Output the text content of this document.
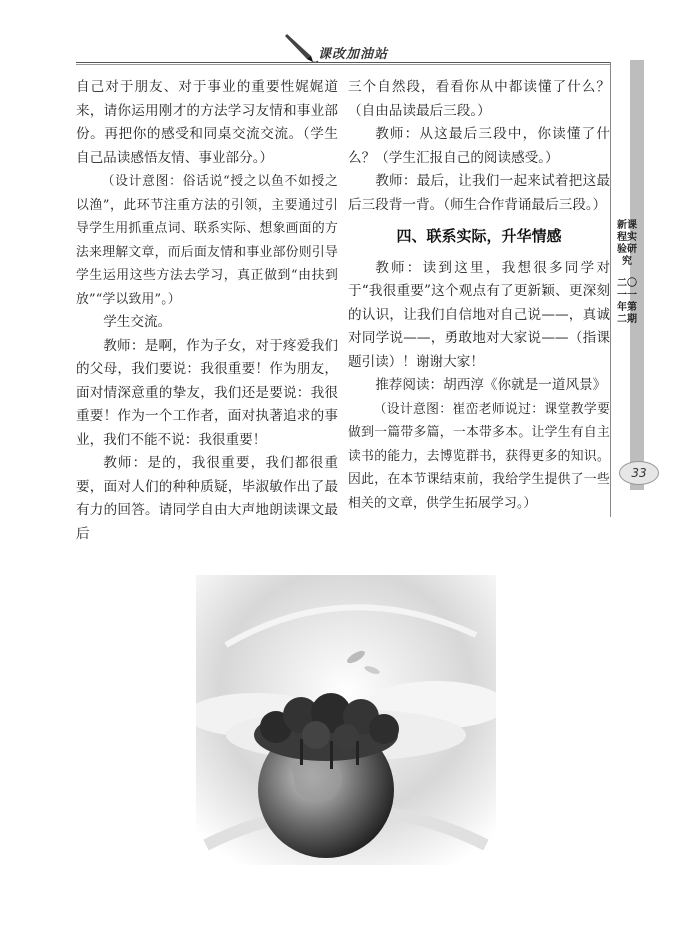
课改加油站

自己对于朋友、对于事业的重要性娓娓道来，请你运用刚才的方法学习友情和事业部份。再把你的感受和同桌交流交流。（学生自己品读感悟友情、事业部分。）

（设计意图：俗话说“授之以鱼不如授之以渔”，此环节注重方法的引领，主要通过引导学生用抓重点词、联系实际、想象画面的方法来理解文章，而后面友情和事业部份则引导学生运用这些方法去学习，真正做到“由扶到放”“学以致用”。）

学生交流。

教师：是啊，作为子女，对于疼爱我们的父母，我们要说：我很重要！作为朋友，面对情深意重的挚友，我们还是要说：我很重要！作为一个工作者，面对执著追求的事业，我们不能不说：我很重要！

教师：是的，我很重要，我们都很重要，面对人们的种种质疑，毕淑敏作出了最有力的回答。请同学自由大声地朗读课文最后

三个自然段，看看你从中都读懂了什么？（自由品读最后三段。）

教师：从这最后三段中，你读懂了什么？（学生汇报自己的阅读感受。）

教师：最后，让我们一起来试着把这最后三段背一背。（师生合作背诵最后三段。）

四、联系实际，升华情感

教师：读到这里，我想很多同学对于“我很重要”这个观点有了更新颖、更深刻的认识，让我们自信地对自己说——，真诚对同学说——，勇敢地对大家说——（指课题引读）！谢谢大家！

推荐阅读：胡西淳《你就是一道风景》

（设计意图：崔峦老师说过：课堂教学要做到一篇带多篇，一本带多本。让学生有自主读书的能力，去博览群书，获得更多的知识。因此，在本节课结束前，我给学生提供了一些相关的文章，供学生拓展学习。）

新课程实验研究
二〇一一年第二期
33
